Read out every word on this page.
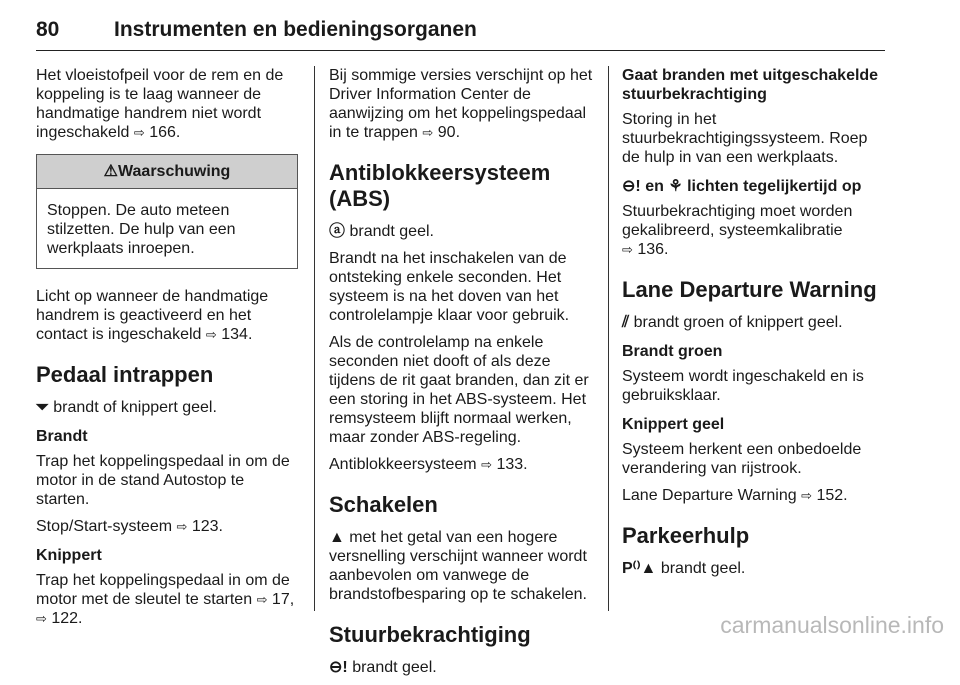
80	Instrumenten en bedieningsorganen

Het vloeistofpeil voor de rem en de koppeling is te laag wanneer de handmatige handrem niet wordt ingeschakeld ⇨ 166.

⚠Waarschuwing
Stoppen. De auto meteen stilzetten. De hulp van een werkplaats inroepen.

Licht op wanneer de handmatige handrem is geactiveerd en het contact is ingeschakeld ⇨ 134.

Pedaal intrappen

⏷ brandt of knippert geel.

Brandt

Trap het koppelingspedaal in om de motor in de stand Autostop te starten.

Stop/Start-systeem ⇨ 123.

Knippert

Trap het koppelingspedaal in om de motor met de sleutel te starten ⇨ 17,
⇨ 122.

Bij sommige versies verschijnt op het Driver Information Center de aanwijzing om het koppelingspedaal in te trappen ⇨ 90.

Antiblokkeersysteem (ABS)

ⓐ brandt geel.

Brandt na het inschakelen van de ontsteking enkele seconden. Het systeem is na het doven van het controlelampje klaar voor gebruik.

Als de controlelamp na enkele seconden niet dooft of als deze tijdens de rit gaat branden, dan zit er een storing in het ABS-systeem. Het remsysteem blijft normaal werken, maar zonder ABS-regeling.

Antiblokkeersysteem ⇨ 133.

Schakelen

▲ met het getal van een hogere versnelling verschijnt wanneer wordt aanbevolen om vanwege de brandstofbesparing op te schakelen.

Stuurbekrachtiging

⊖! brandt geel.

Gaat branden met uitgeschakelde stuurbekrachtiging

Storing in het stuurbekrachtigingssysteem. Roep de hulp in van een werkplaats.

⊖! en ⚘ lichten tegelijkertijd op

Stuurbekrachtiging moet worden gekalibreerd, systeemkalibratie
⇨ 136.

Lane Departure Warning

⫽ brandt groen of knippert geel.

Brandt groen

Systeem wordt ingeschakeld en is gebruiksklaar.

Knippert geel

Systeem herkent een onbedoelde verandering van rijstrook.

Lane Departure Warning ⇨ 152.

Parkeerhulp

P⁽⁾▲ brandt geel.

carmanualsonline.info
